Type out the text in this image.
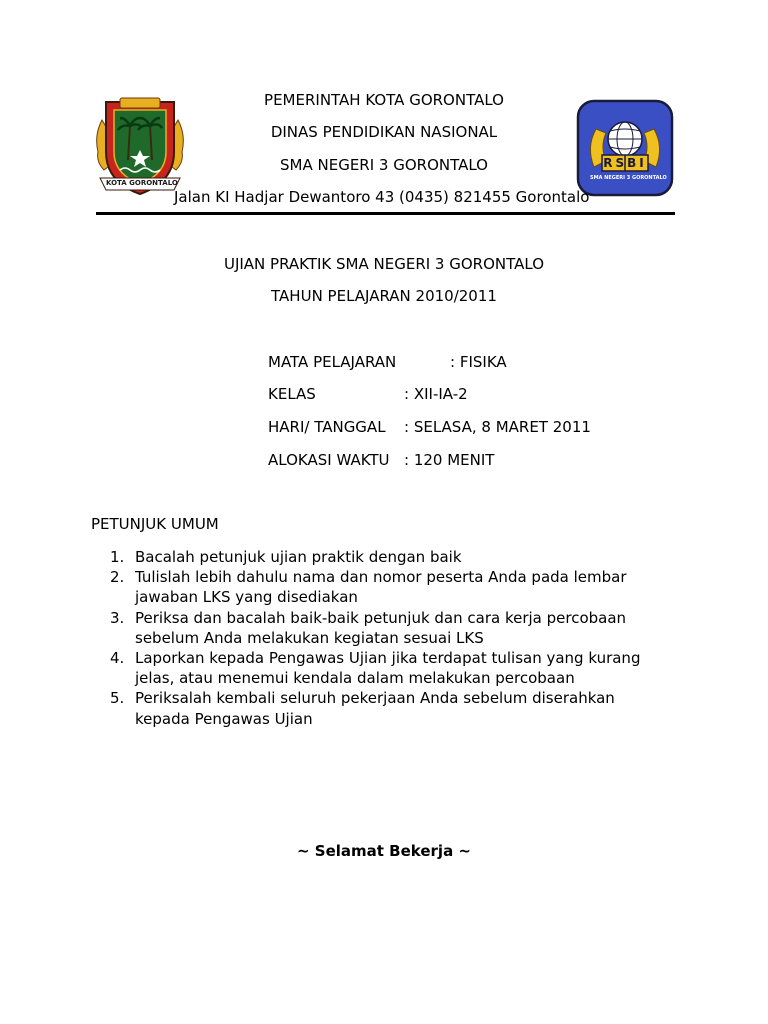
KOTA GORONTALO
RSBI
SMA NEGERI 3 GORONTALO
PEMERINTAH KOTA GORONTALO
DINAS PENDIDIKAN NASIONAL
SMA NEGERI 3 GORONTALO
Jalan KI Hadjar Dewantoro 43 (0435) 821455 Gorontalo
UJIAN PRAKTIK SMA NEGERI 3 GORONTALO
TAHUN PELAJARAN 2010/2011
MATA PELAJARAN	: FISIKA
KELAS	: XII-IA-2
HARI/ TANGGAL : SELASA, 8 MARET 2011
ALOKASI WAKTU : 120 MENIT
PETUNJUK UMUM
1. Bacalah petunjuk ujian praktik dengan baik
2. Tulislah lebih dahulu nama dan nomor peserta Anda pada lembar jawaban LKS yang disediakan
3. Periksa dan bacalah baik-baik petunjuk dan cara kerja percobaan sebelum Anda melakukan kegiatan sesuai LKS
4. Laporkan kepada Pengawas Ujian jika terdapat tulisan yang kurang jelas, atau menemui kendala dalam melakukan percobaan
5. Periksalah kembali seluruh pekerjaan Anda sebelum diserahkan kepada Pengawas Ujian
~ Selamat Bekerja ~
